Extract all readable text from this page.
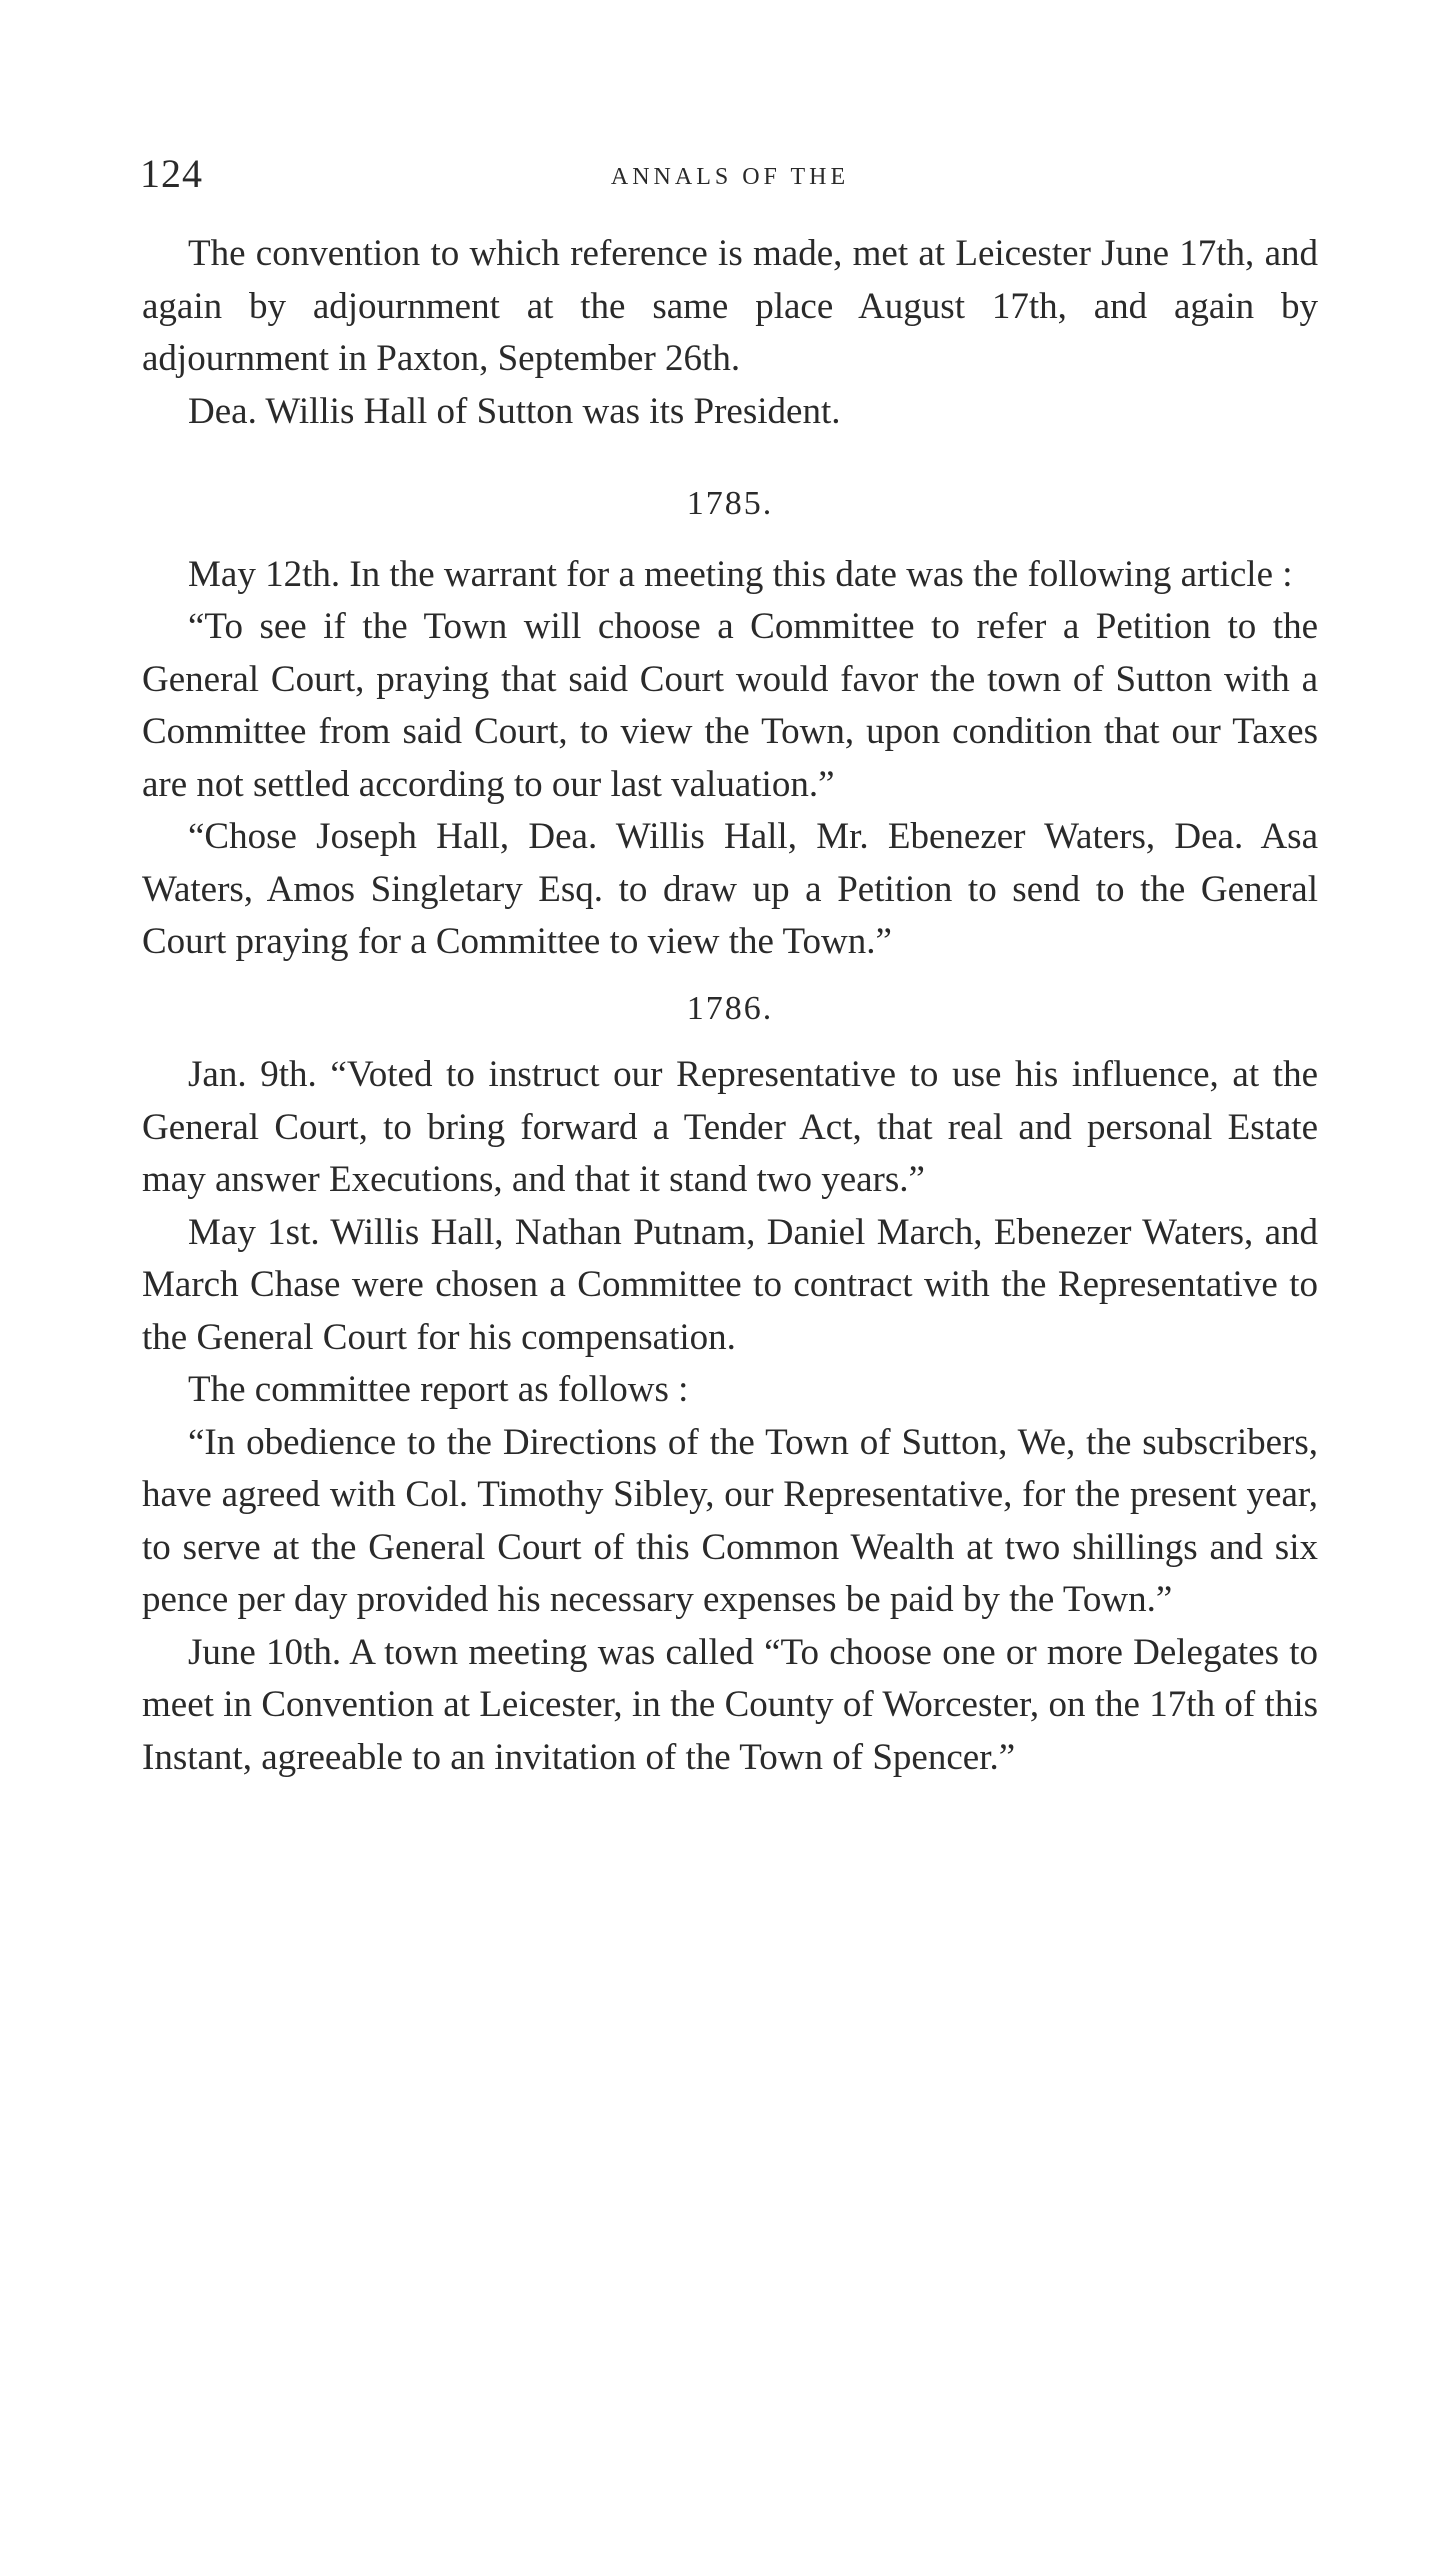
124	ANNALS OF THE

The convention to which reference is made, met at Leicester June 17th, and again by adjournment at the same place August 17th, and again by adjournment in Paxton, September 26th.

Dea. Willis Hall of Sutton was its President.

1785.

May 12th. In the warrant for a meeting this date was the following article :

“To see if the Town will choose a Committee to refer a Petition to the General Court, praying that said Court would favor the town of Sutton with a Committee from said Court, to view the Town, upon condition that our Taxes are not settled according to our last valuation.”

“Chose Joseph Hall, Dea. Willis Hall, Mr. Ebenezer Waters, Dea. Asa Waters, Amos Singletary Esq. to draw up a Petition to send to the General Court praying for a Committee to view the Town.”

1786.

Jan. 9th. “Voted to instruct our Representative to use his influence, at the General Court, to bring forward a Tender Act, that real and personal Estate may answer Executions, and that it stand two years.”

May 1st. Willis Hall, Nathan Putnam, Daniel March, Ebenezer Waters, and March Chase were chosen a Committee to contract with the Representative to the General Court for his compensation.

The committee report as follows :

“In obedience to the Directions of the Town of Sutton, We, the subscribers, have agreed with Col. Timothy Sibley, our Representative, for the present year, to serve at the General Court of this Common Wealth at two shillings and six pence per day provided his necessary expenses be paid by the Town.”

June 10th. A town meeting was called “To choose one or more Delegates to meet in Convention at Leicester, in the County of Worcester, on the 17th of this Instant, agreeable to an invitation of the Town of Spencer.”
